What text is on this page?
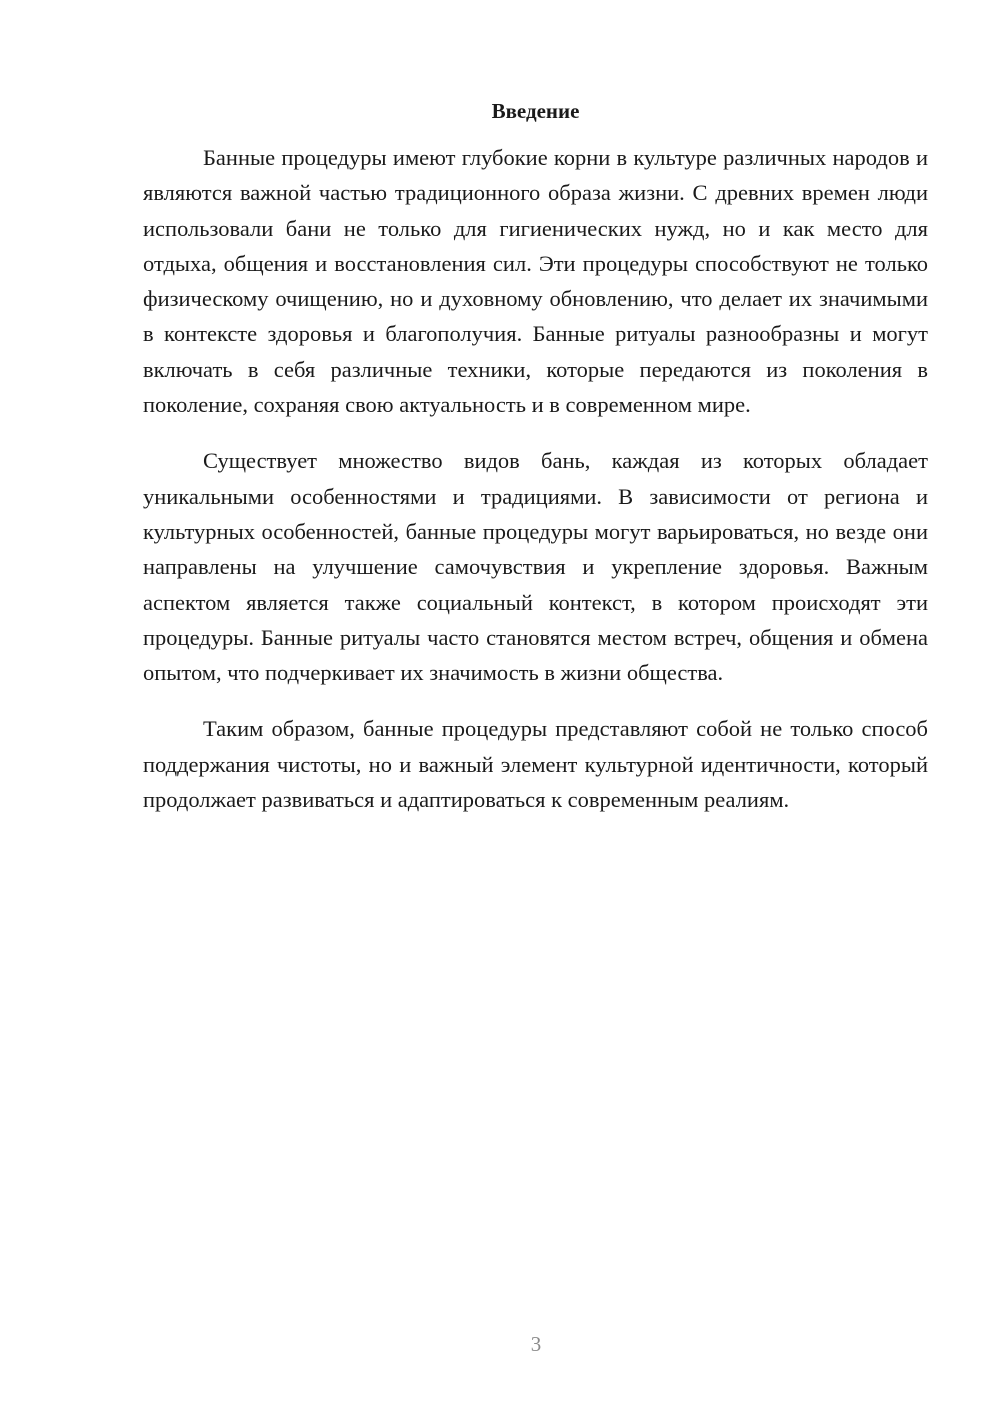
Введение

Банные процедуры имеют глубокие корни в культуре различных народов и являются важной частью традиционного образа жизни. С древних времен люди использовали бани не только для гигиенических нужд, но и как место для отдыха, общения и восстановления сил. Эти процедуры способствуют не только физическому очищению, но и духовному обновлению, что делает их значимыми в контексте здоровья и благополучия. Банные ритуалы разнообразны и могут включать в себя различные техники, которые передаются из поколения в поколение, сохраняя свою актуальность и в современном мире.

Существует множество видов бань, каждая из которых обладает уникальными особенностями и традициями. В зависимости от региона и культурных особенностей, банные процедуры могут варьироваться, но везде они направлены на улучшение самочувствия и укрепление здоровья. Важным аспектом является также социальный контекст, в котором происходят эти процедуры. Банные ритуалы часто становятся местом встреч, общения и обмена опытом, что подчеркивает их значимость в жизни общества.

Таким образом, банные процедуры представляют собой не только способ поддержания чистоты, но и важный элемент культурной идентичности, который продолжает развиваться и адаптироваться к современным реалиям.

3
